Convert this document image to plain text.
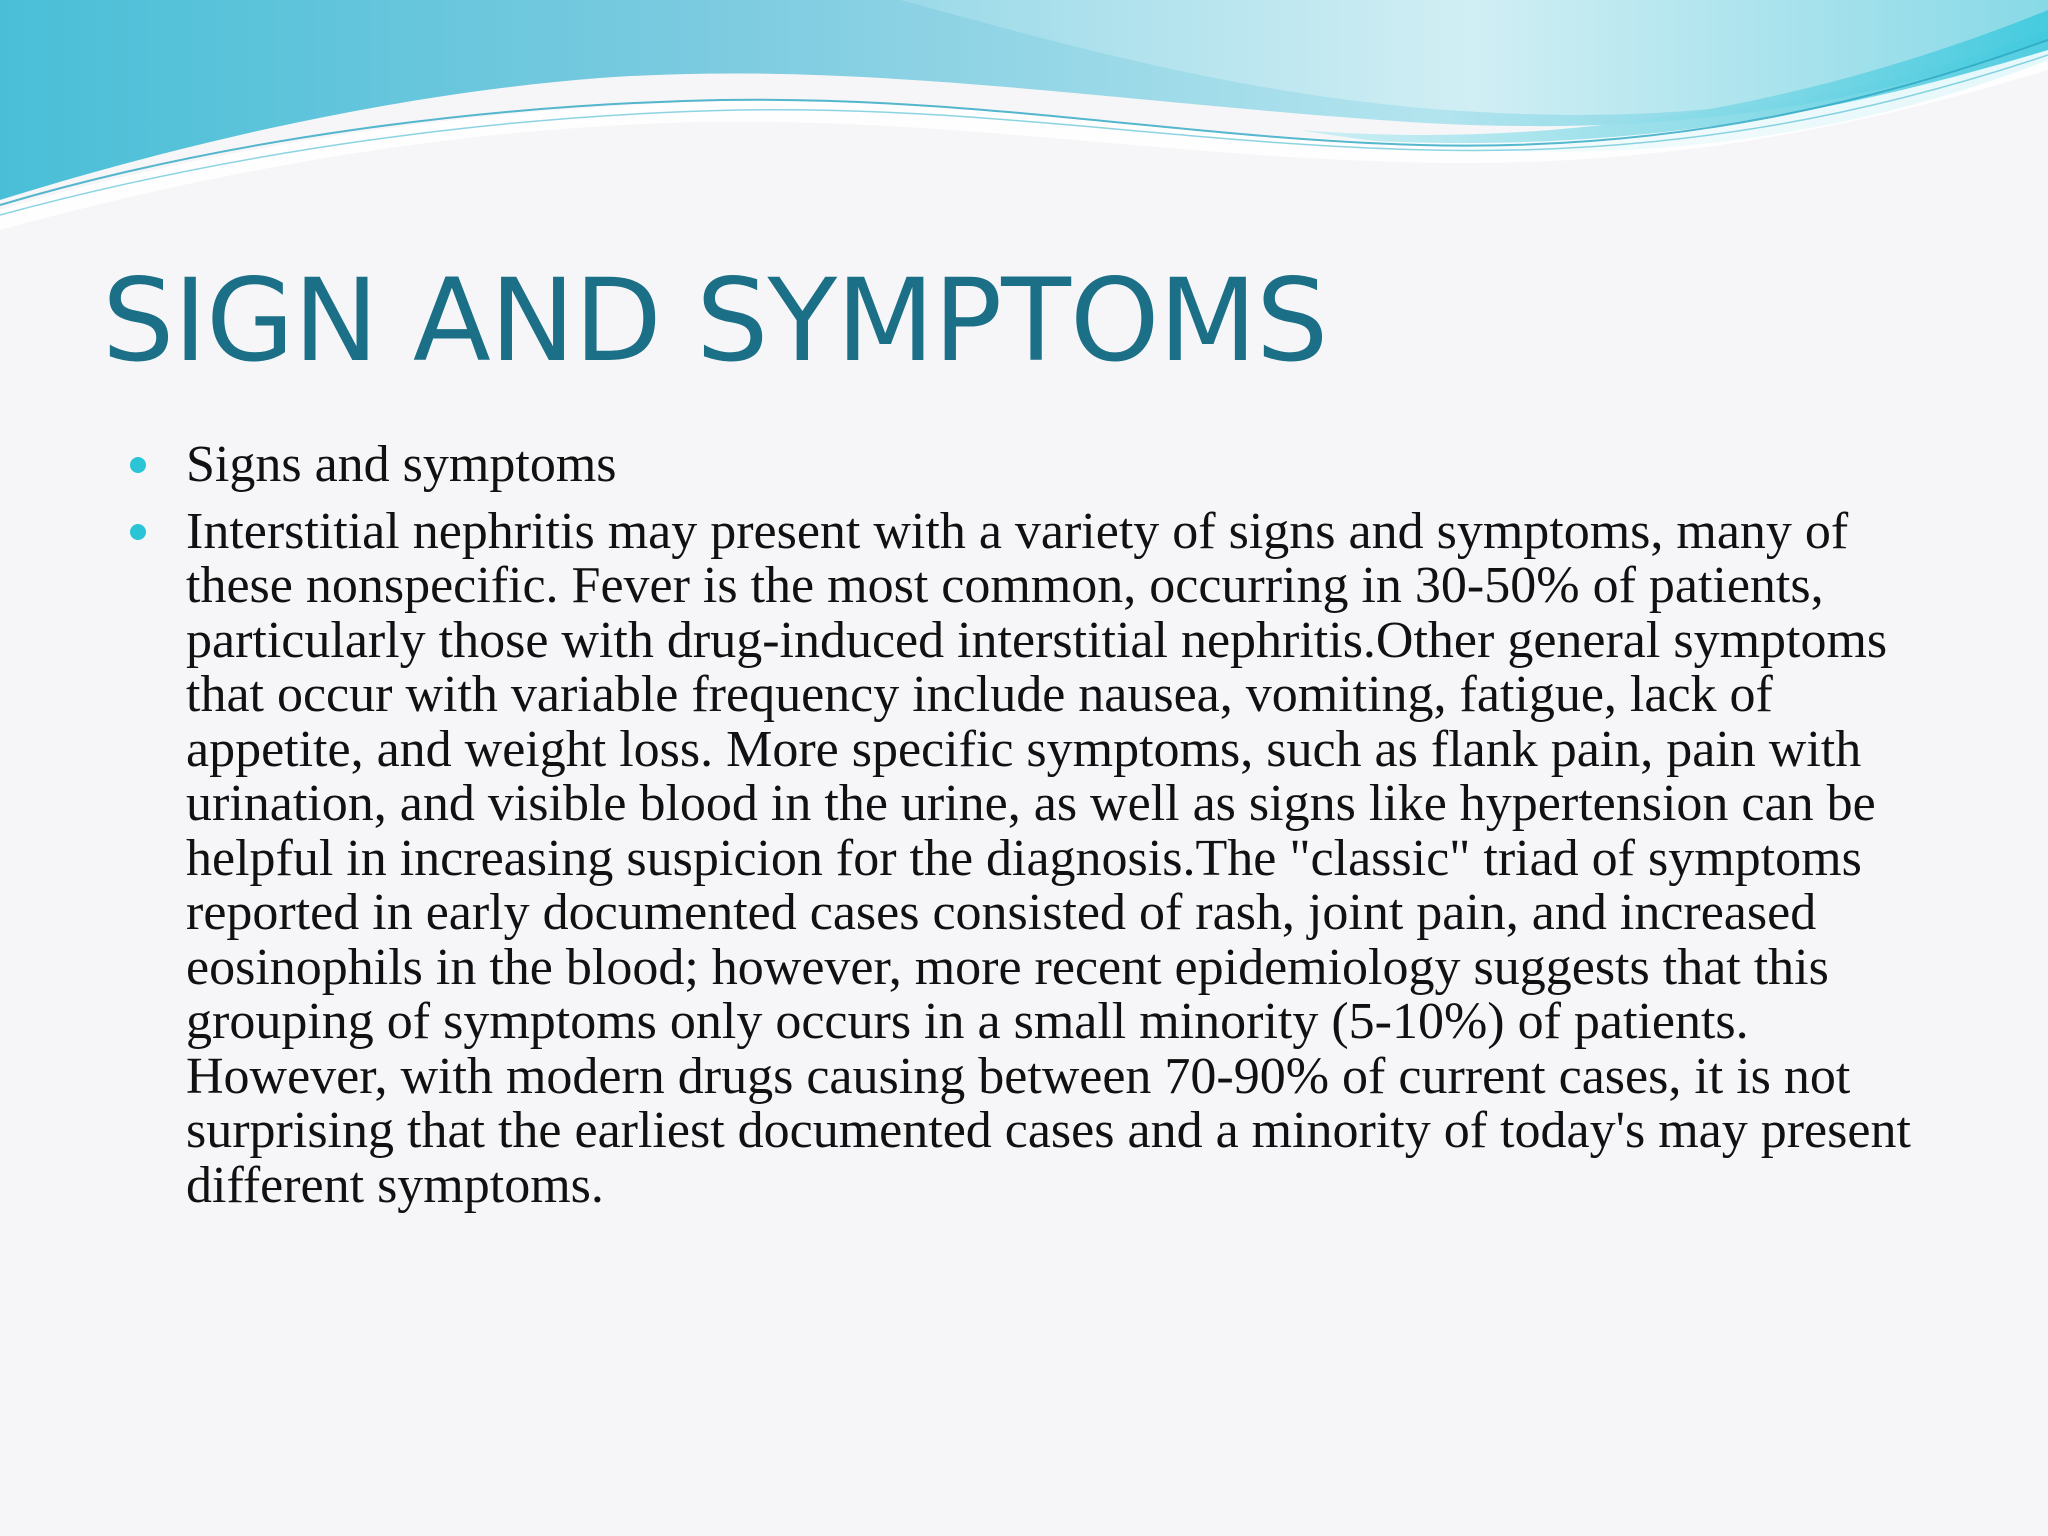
SIGN AND SYMPTOMS
Signs and symptoms
Interstitial nephritis may present with a variety of signs and symptoms, many of these nonspecific. Fever is the most common, occurring in 30-50% of patients, particularly those with drug-induced interstitial nephritis.Other general symptoms that occur with variable frequency include nausea, vomiting, fatigue, lack of appetite, and weight loss. More specific symptoms, such as flank pain, pain with urination, and visible blood in the urine, as well as signs like hypertension can be helpful in increasing suspicion for the diagnosis.The "classic" triad of symptoms reported in early documented cases consisted of rash, joint pain, and increased eosinophils in the blood; however, more recent epidemiology suggests that this grouping of symptoms only occurs in a small minority (5-10%) of patients. However, with modern drugs causing between 70-90% of current cases, it is not surprising that the earliest documented cases and a minority of today's may present different symptoms.
